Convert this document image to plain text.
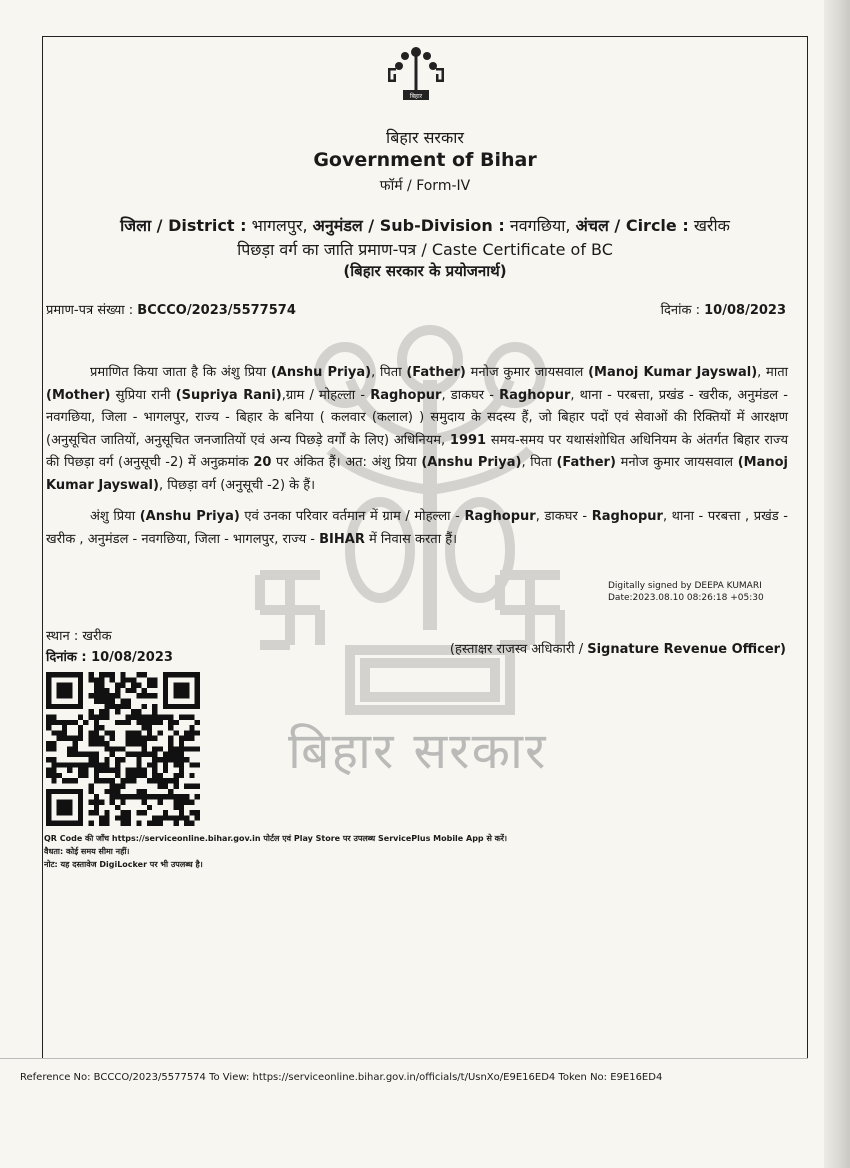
बिहार सरकार
बिहार
बिहार सरकार
Government of Bihar
फॉर्म / Form-IV
जिला / District : भागलपुर, अनुमंडल / Sub-Division : नवगछिया, अंचल / Circle : खरीक
पिछड़ा वर्ग का जाति प्रमाण-पत्र / Caste Certificate of BC
(बिहार सरकार के प्रयोजनार्थ)
प्रमाण-पत्र संख्या : BCCCO/2023/5577574	दिनांक : 10/08/2023
प्रमाणित किया जाता है कि अंशु प्रिया (Anshu Priya), पिता (Father) मनोज कुमार जायसवाल (Manoj Kumar Jayswal), माता (Mother) सुप्रिया रानी (Supriya Rani),ग्राम / मोहल्ला - Raghopur, डाकघर - Raghopur, थाना - परबत्ता, प्रखंड - खरीक, अनुमंडल - नवगछिया, जिला - भागलपुर, राज्य - बिहार के बनिया ( कलवार (कलाल) ) समुदाय के सदस्य हैं, जो बिहार पदों एवं सेवाओं की रिक्तियों में आरक्षण (अनुसूचित जातियों, अनुसूचित जनजातियों एवं अन्य पिछड़े वर्गों के लिए) अधिनियम, 1991 समय-समय पर यथासंशोधित अधिनियम के अंतर्गत बिहार राज्य की पिछड़ा वर्ग (अनुसूची -2) में अनुक्रमांक 20 पर अंकित हैं। अत: अंशु प्रिया (Anshu Priya), पिता (Father) मनोज कुमार जायसवाल (Manoj Kumar Jayswal), पिछड़ा वर्ग (अनुसूची -2) के हैं।
अंशु प्रिया (Anshu Priya) एवं उनका परिवार वर्तमान में ग्राम / मोहल्ला - Raghopur, डाकघर - Raghopur, थाना - परबत्ता , प्रखंड - खरीक , अनुमंडल - नवगछिया, जिला - भागलपुर, राज्य - BIHAR में निवास करता हैं।
Digitally signed by DEEPA KUMARI
Date:2023.08.10 08:26:18 +05:30
स्थान : खरीक
दिनांक : 10/08/2023
(हस्ताक्षर राजस्व अधिकारी / Signature Revenue Officer)
QR Code की जाँच https://serviceonline.bihar.gov.in पोर्टल एवं Play Store पर उपलब्ध ServicePlus Mobile App से करें।
वैधता: कोई समय सीमा नहीं।
नोट: यह दस्तावेज DigiLocker पर भी उपलब्ध है।
Reference No: BCCCO/2023/5577574 To View: https://serviceonline.bihar.gov.in/officials/t/UsnXo/E9E16ED4 Token No: E9E16ED4
